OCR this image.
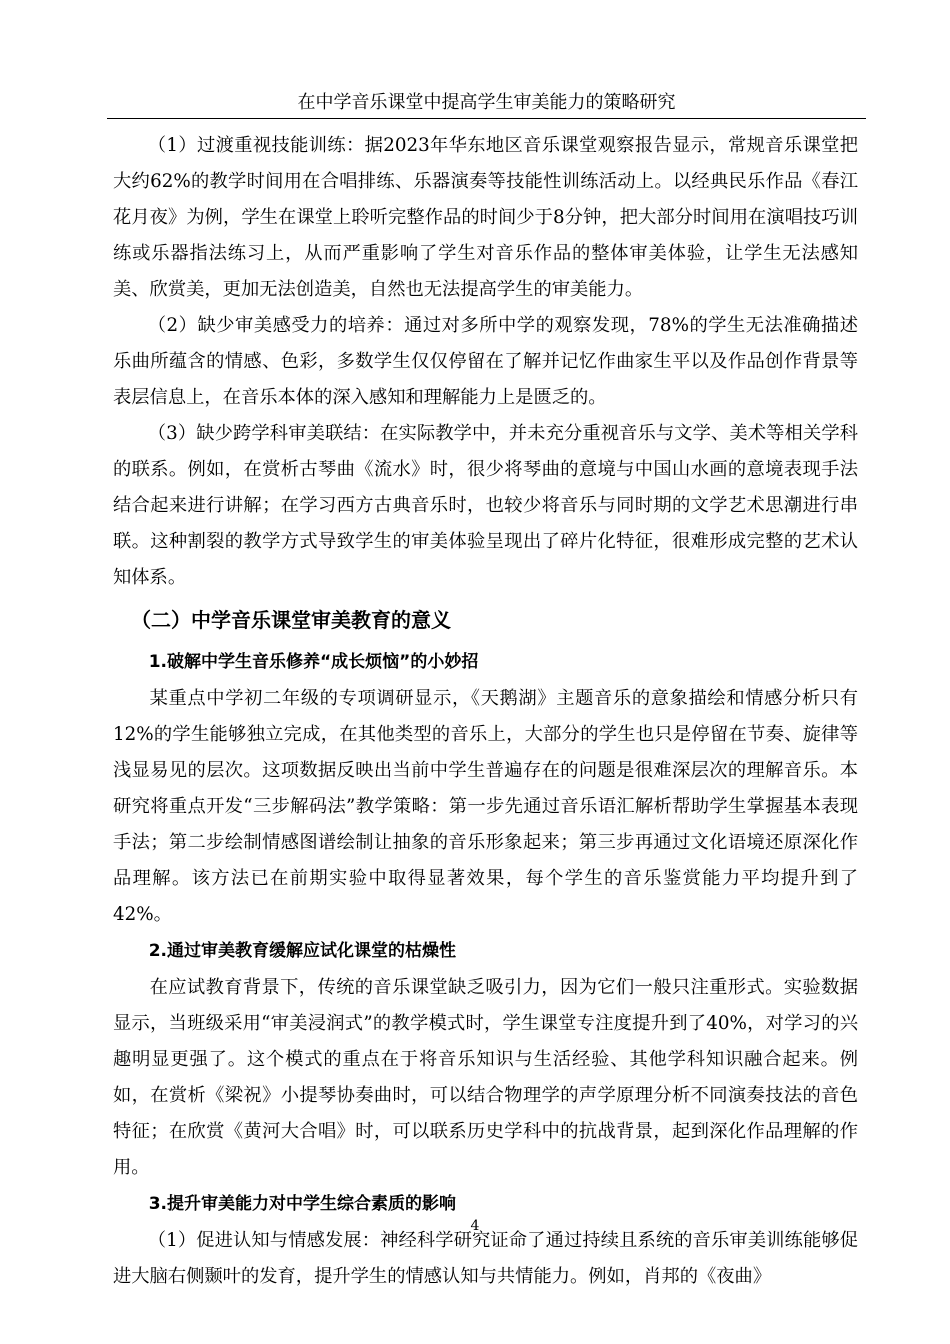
在中学音乐课堂中提高学生审美能力的策略研究

（1）过渡重视技能训练：据2023年华东地区音乐课堂观察报告显示，常规音乐课堂把大约62%的教学时间用在合唱排练、乐器演奏等技能性训练活动上。以经典民乐作品《春江花月夜》为例，学生在课堂上聆听完整作品的时间少于8分钟，把大部分时间用在演唱技巧训练或乐器指法练习上，从而严重影响了学生对音乐作品的整体审美体验，让学生无法感知美、欣赏美，更加无法创造美，自然也无法提高学生的审美能力。

（2）缺少审美感受力的培养：通过对多所中学的观察发现，78%的学生无法准确描述乐曲所蕴含的情感、色彩，多数学生仅仅停留在了解并记忆作曲家生平以及作品创作背景等表层信息上，在音乐本体的深入感知和理解能力上是匮乏的。

（3）缺少跨学科审美联结：在实际教学中，并未充分重视音乐与文学、美术等相关学科的联系。例如，在赏析古琴曲《流水》时，很少将琴曲的意境与中国山水画的意境表现手法结合起来进行讲解；在学习西方古典音乐时，也较少将音乐与同时期的文学艺术思潮进行串联。这种割裂的教学方式导致学生的审美体验呈现出了碎片化特征，很难形成完整的艺术认知体系。

（二）中学音乐课堂审美教育的意义
1.破解中学生音乐修养“成长烦恼”的小妙招

某重点中学初二年级的专项调研显示，《天鹅湖》主题音乐的意象描绘和情感分析只有12%的学生能够独立完成，在其他类型的音乐上，大部分的学生也只是停留在节奏、旋律等浅显易见的层次。这项数据反映出当前中学生普遍存在的问题是很难深层次的理解音乐。本研究将重点开发“三步解码法”教学策略：第一步先通过音乐语汇解析帮助学生掌握基本表现手法；第二步绘制情感图谱绘制让抽象的音乐形象起来；第三步再通过文化语境还原深化作品理解。该方法已在前期实验中取得显著效果，每个学生的音乐鉴赏能力平均提升到了42%。

2.通过审美教育缓解应试化课堂的枯燥性

在应试教育背景下，传统的音乐课堂缺乏吸引力，因为它们一般只注重形式。实验数据显示，当班级采用“审美浸润式”的教学模式时，学生课堂专注度提升到了40%，对学习的兴趣明显更强了。这个模式的重点在于将音乐知识与生活经验、其他学科知识融合起来。例如，在赏析《梁祝》小提琴协奏曲时，可以结合物理学的声学原理分析不同演奏技法的音色特征；在欣赏《黄河大合唱》时，可以联系历史学科中的抗战背景，起到深化作品理解的作用。

3.提升审美能力对中学生综合素质的影响

（1）促进认知与情感发展：神经科学研究证命了通过持续且系统的音乐审美训练能够促进大脑右侧颞叶的发育，提升学生的情感认知与共情能力。例如，肖邦的《夜曲》

4
